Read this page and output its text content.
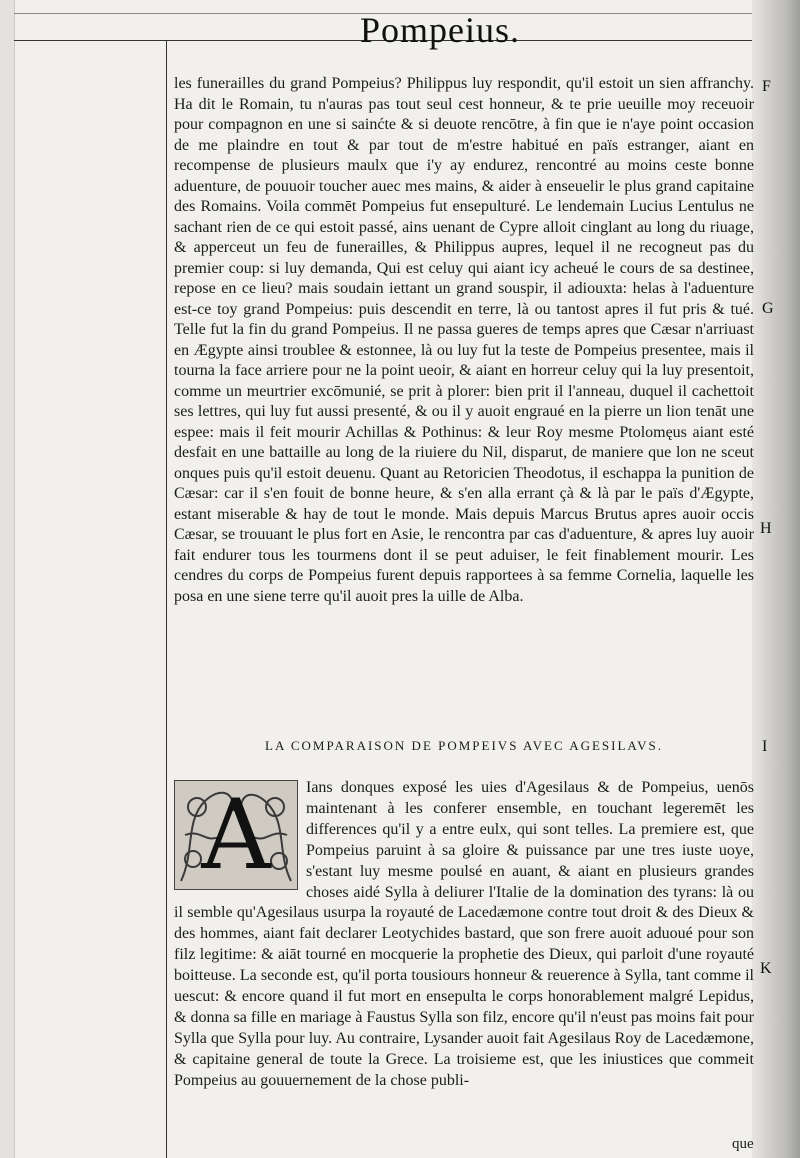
Pompeius.

les funerailles du grand Pompeius? Philippus luy respondit, qu'il estoit un sien affranchy. Ha dit le Romain, tu n'auras pas tout seul cest honneur, & te prie ueuille moy receuoir pour compagnon en une si sainćte & si deuote rencōtre, à fin que ie n'aye point occasion de me plaindre en tout & par tout de m'estre habitué en païs estranger, aiant en recompense de plusieurs maulx que i'y ay endurez, rencontré au moins ceste bonne aduenture, de pouuoir toucher auec mes mains, & aider à enseuelir le plus grand capitaine des Romains. Voila commēt Pompeius fut ensepulturé. Le lendemain Lucius Lentulus ne sachant rien de ce qui estoit passé, ains uenant de Cypre alloit cinglant au long du riuage, & apperceut un feu de funerailles, & Philippus aupres, lequel il ne recogneut pas du premier coup: si luy demanda, Qui est celuy qui aiant icy acheué le cours de sa destinee, repose en ce lieu? mais soudain iettant un grand souspir, il adiouxta: helas à l'aduenture est-ce toy grand Pompeius: puis descendit en terre, là ou tantost apres il fut pris & tué. Telle fut la fin du grand Pompeius. Il ne passa gueres de temps apres que Cæsar n'arriuast en Ægypte ainsi troublee & estonnee, là ou luy fut la teste de Pompeius presentee, mais il tourna la face arriere pour ne la point ueoir, & aiant en horreur celuy qui la luy presentoit, comme un meurtrier excōmunié, se prit à plorer: bien prit il l'anneau, duquel il cachettoit ses lettres, qui luy fut aussi presenté, & ou il y auoit engraué en la pierre un lion tenāt une espee: mais il feit mourir Achillas & Pothinus: & leur Roy mesme Ptolomęus aiant esté desfait en une battaille au long de la riuiere du Nil, disparut, de maniere que lon ne sceut onques puis qu'il estoit deuenu. Quant au Retoricien Theodotus, il eschappa la punition de Cæsar: car il s'en fouit de bonne heure, & s'en alla errant çà & là par le païs d'Ægypte, estant miserable & hay de tout le monde. Mais depuis Marcus Brutus apres auoir occis Cæsar, se trouuant le plus fort en Asie, le rencontra par cas d'aduenture, & apres luy auoir fait endurer tous les tourmens dont il se peut aduiser, le feit finablement mourir. Les cendres du corps de Pompeius furent depuis rapportees à sa femme Cornelia, laquelle les posa en une siene terre qu'il auoit pres la uille de Alba.

LA COMPARAISON DE POMPEIVS AVEC AGESILAVS.
A	Ians donques exposé les uies d'Agesilaus & de Pompeius, uenōs maintenant à les conferer ensemble, en touchant legeremēt les differences qu'il y a entre eulx, qui sont telles. La premiere est, que Pompeius paruint à sa gloire & puissance par une tres iuste uoye, s'estant luy mesme poulsé en auant, & aiant en plusieurs grandes choses aidé Sylla à deliurer l'Italie de la domination des tyrans: là ou il semble qu'Agesilaus usurpa la royauté de Lacedæmone contre tout droit & des Dieux & des hommes, aiant fait declarer Leotychides bastard, que son frere auoit aduoué pour son filz legitime: & aiāt tourné en mocquerie la prophetie des Dieux, qui parloit d'une royauté boitteuse. La seconde est, qu'il porta tousiours honneur & reuerence à Sylla, tant comme il uescut: & encore quand il fut mort en ensepulta le corps honorablement malgré Lepidus, & donna sa fille en mariage à Faustus Sylla son filz, encore qu'il n'eust pas moins fait pour Sylla que Sylla pour luy. Au contraire, Lysander auoit fait Agesilaus Roy de Lacedæmone, & capitaine general de toute la Grece. La troisieme est, que les iniustices que commeit Pompeius au gouuernement de la chose publi-
F
G
H
I
K
que
